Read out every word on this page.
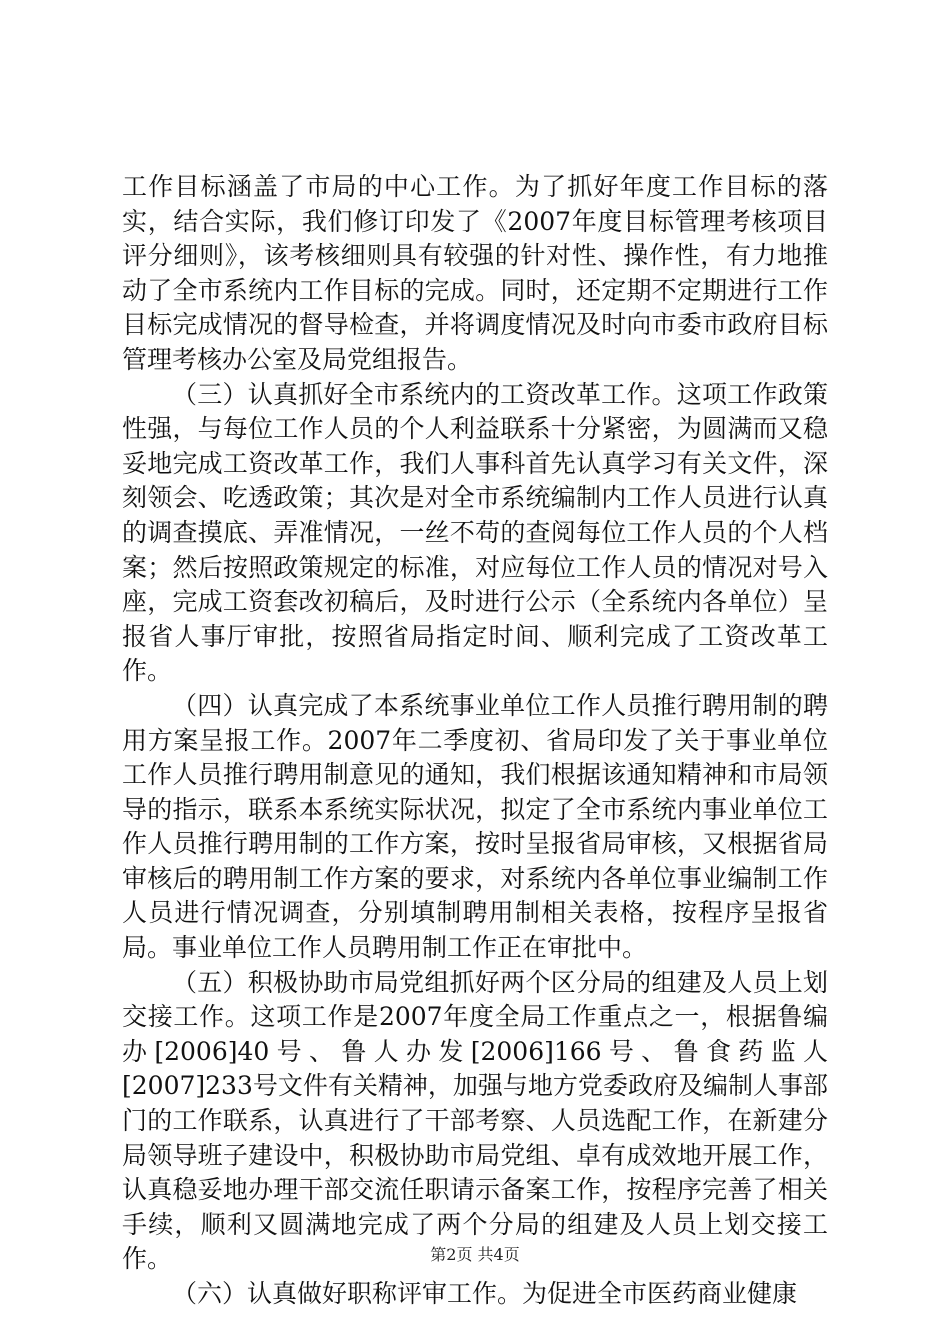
工作目标涵盖了市局的中心工作。为了抓好年度工作目标的落实，结合实际，我们修订印发了《2007年度目标管理考核项目评分细则》，该考核细则具有较强的针对性、操作性，有力地推动了全市系统内工作目标的完成。同时，还定期不定期进行工作目标完成情况的督导检查，并将调度情况及时向市委市政府目标管理考核办公室及局党组报告。

（三）认真抓好全市系统内的工资改革工作。这项工作政策性强，与每位工作人员的个人利益联系十分紧密，为圆满而又稳妥地完成工资改革工作，我们人事科首先认真学习有关文件，深刻领会、吃透政策；其次是对全市系统编制内工作人员进行认真的调查摸底、弄准情况，一丝不苟的查阅每位工作人员的个人档案；然后按照政策规定的标准，对应每位工作人员的情况对号入座，完成工资套改初稿后，及时进行公示（全系统内各单位）呈报省人事厅审批，按照省局指定时间、顺利完成了工资改革工作。

（四）认真完成了本系统事业单位工作人员推行聘用制的聘用方案呈报工作。2007年二季度初、省局印发了关于事业单位工作人员推行聘用制意见的通知，我们根据该通知精神和市局领导的指示，联系本系统实际状况，拟定了全市系统内事业单位工作人员推行聘用制的工作方案，按时呈报省局审核，又根据省局审核后的聘用制工作方案的要求，对系统内各单位事业编制工作人员进行情况调查，分别填制聘用制相关表格，按程序呈报省局。事业单位工作人员聘用制工作正在审批中。

（五）积极协助市局党组抓好两个区分局的组建及人员上划交接工作。这项工作是2007年度全局工作重点之一，根据鲁编办[2006]40号、鲁人办发[2006]166号、鲁食药监人[2007]233号文件有关精神，加强与地方党委政府及编制人事部门的工作联系，认真进行了干部考察、人员选配工作，在新建分局领导班子建设中，积极协助市局党组、卓有成效地开展工作，认真稳妥地办理干部交流任职请示备案工作，按程序完善了相关手续，顺利又圆满地完成了两个分局的组建及人员上划交接工作。

（六）认真做好职称评审工作。为促进全市医药商业健康

第2页 共4页
